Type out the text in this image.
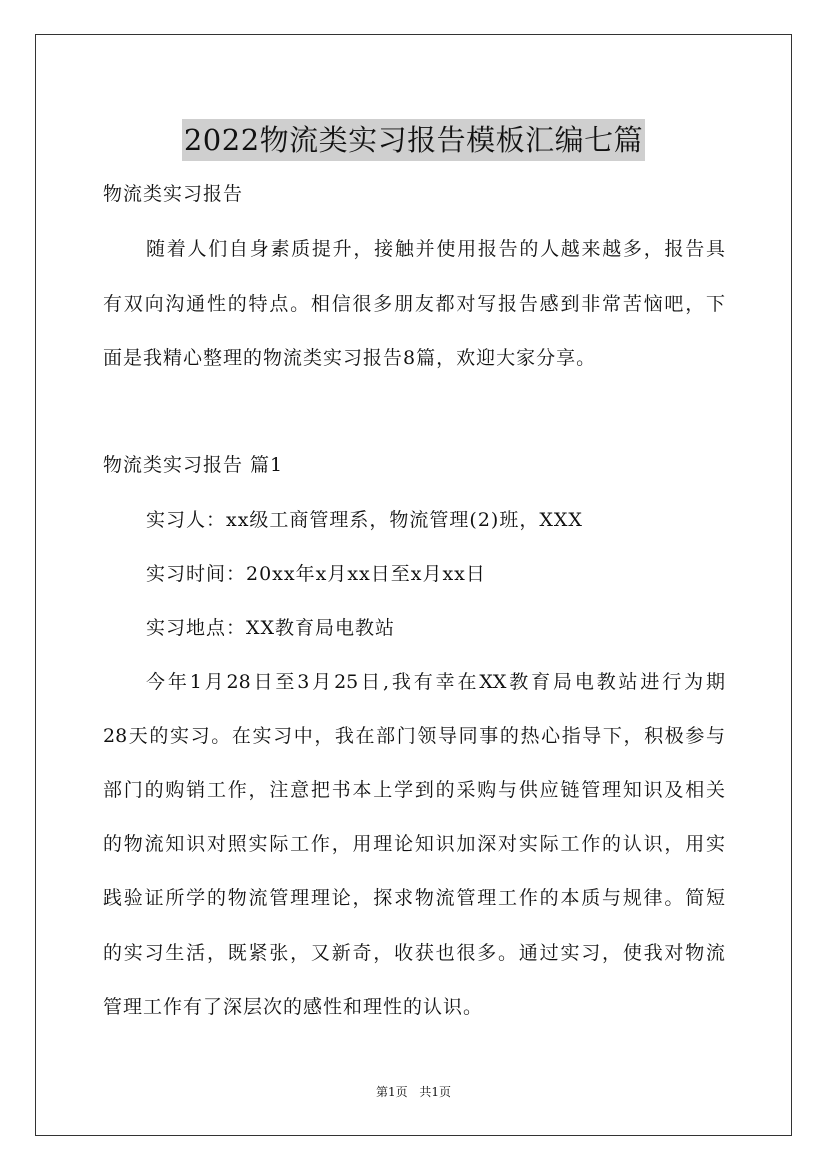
2022物流类实习报告模板汇编七篇
物流类实习报告
随着人们自身素质提升，接触并使用报告的人越来越多，报告具
有双向沟通性的特点。相信很多朋友都对写报告感到非常苦恼吧，下
面是我精心整理的物流类实习报告8篇，欢迎大家分享。
物流类实习报告 篇1
实习人：xx级工商管理系，物流管理(2)班，XXX
实习时间：20xx年x月xx日至x月xx日
实习地点：XX教育局电教站
今年1月28日至3月25日,我有幸在XX教育局电教站进行为期
28天的实习。在实习中，我在部门领导同事的热心指导下，积极参与
部门的购销工作，注意把书本上学到的采购与供应链管理知识及相关
的物流知识对照实际工作，用理论知识加深对实际工作的认识，用实
践验证所学的物流管理理论，探求物流管理工作的本质与规律。简短
的实习生活，既紧张，又新奇，收获也很多。通过实习，使我对物流
管理工作有了深层次的感性和理性的认识。
第1页 共1页
